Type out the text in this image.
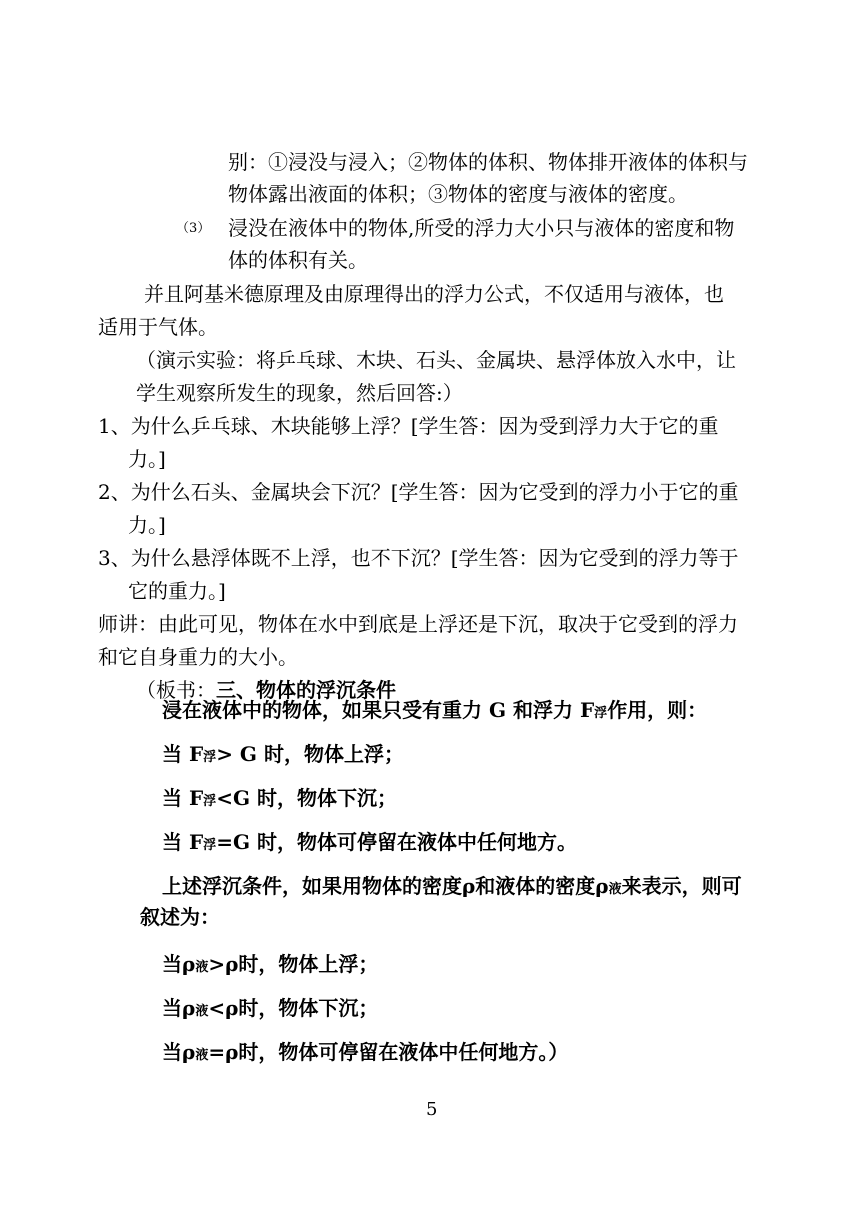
别：①浸没与浸入；②物体的体积、物体排开液体的体积与
物体露出液面的体积；③物体的密度与液体的密度。
（3） 浸没在液体中的物体,所受的浮力大小只与液体的密度和物
体的体积有关。
并且阿基米德原理及由原理得出的浮力公式，不仅适用与液体，也
适用于气体。
（演示实验：将乒乓球、木块、石头、金属块、悬浮体放入水中，让
学生观察所发生的现象，然后回答:）
1、为什么乒乓球、木块能够上浮？[学生答：因为受到浮力大于它的重
力。]
2、为什么石头、金属块会下沉？[学生答：因为它受到的浮力小于它的重
力。]
3、为什么悬浮体既不上浮，也不下沉？[学生答：因为它受到的浮力等于
它的重力。]
师讲：由此可见，物体在水中到底是上浮还是下沉，取决于它受到的浮力
和它自身重力的大小。
（板书：三、物体的浮沉条件
浸在液体中的物体，如果只受有重力 G 和浮力 F浮作用，则：
当 F浮> G 时，物体上浮；
当 F浮<G 时，物体下沉；
当 F浮=G 时，物体可停留在液体中任何地方。
上述浮沉条件，如果用物体的密度ρ和液体的密度ρ液来表示，则可
叙述为：
当ρ液>ρ时，物体上浮；
当ρ液<ρ时，物体下沉；
当ρ液=ρ时，物体可停留在液体中任何地方。）
5
